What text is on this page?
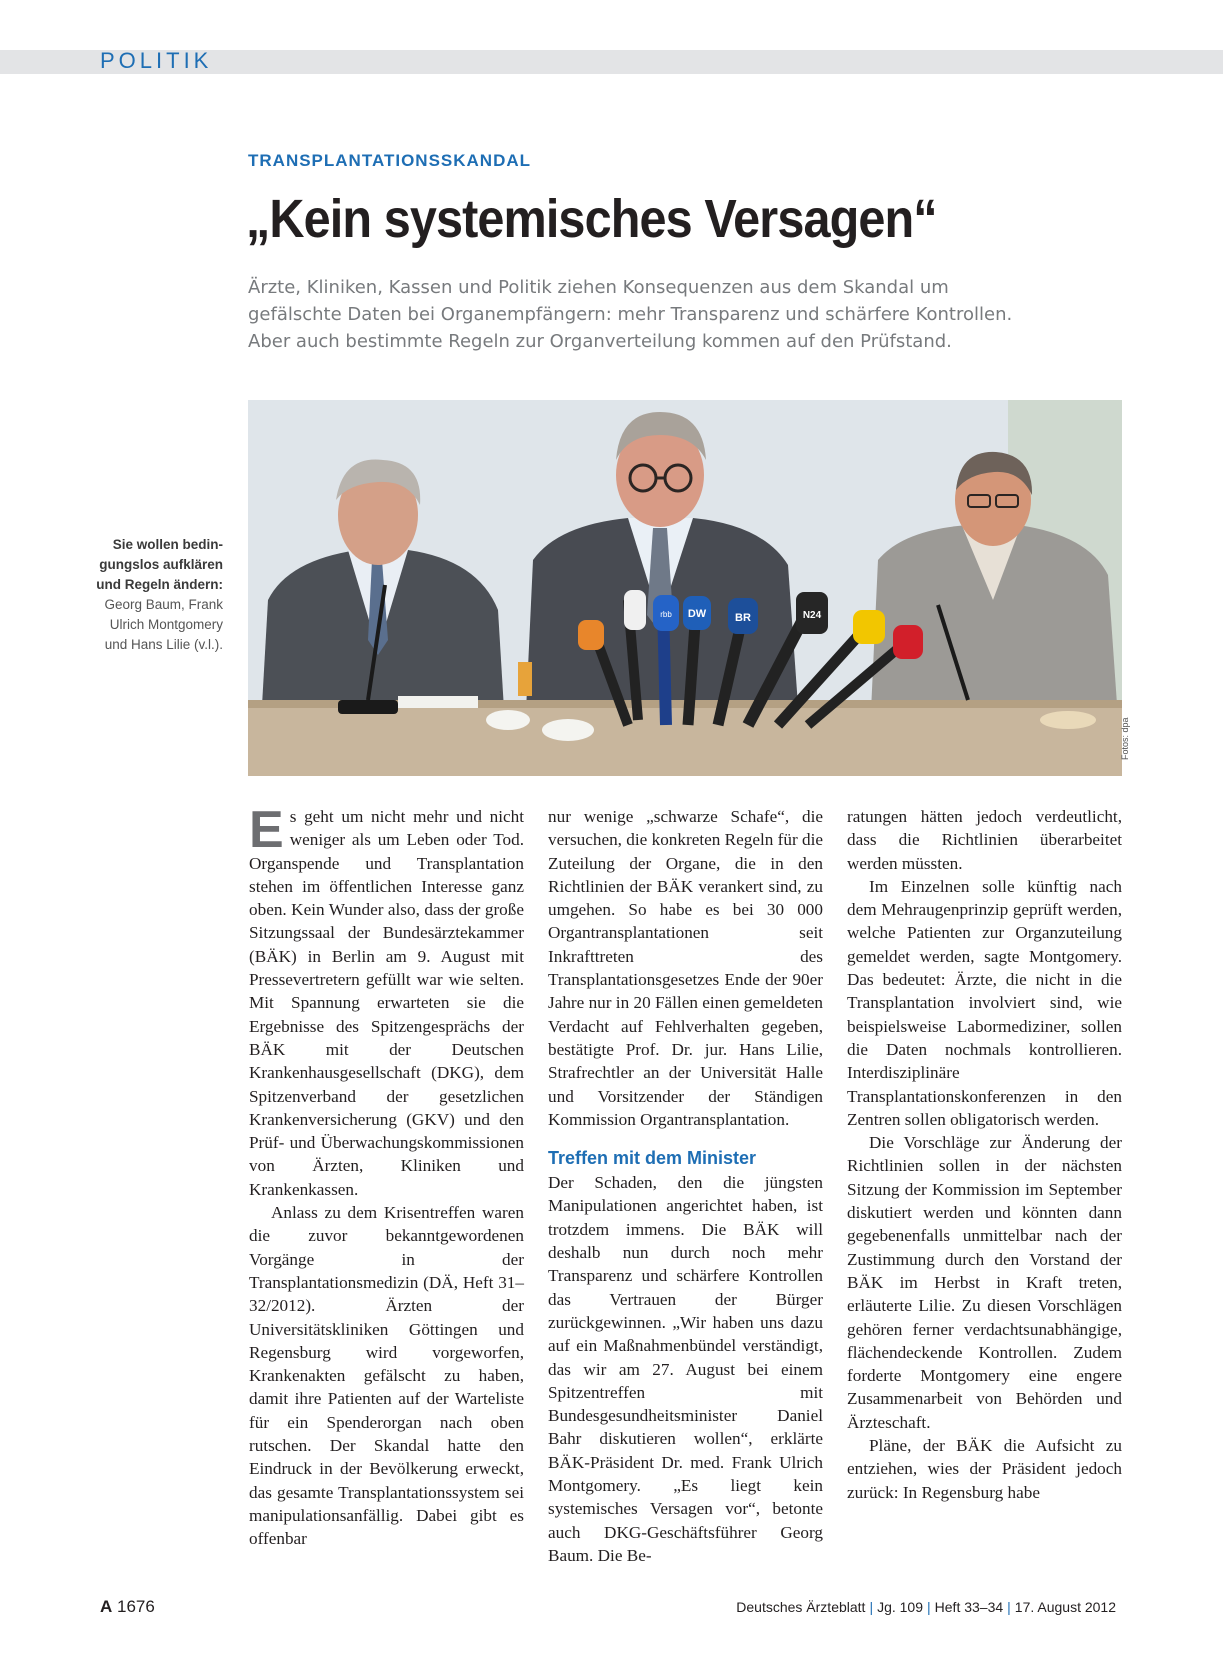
POLITIK
TRANSPLANTATIONSSKANDAL
„Kein systemisches Versagen“

Ärzte, Kliniken, Kassen und Politik ziehen Konsequenzen aus dem Skandal um
gefälschte Daten bei Organempfängern: mehr Transparenz und schärfere Kontrollen.
Aber auch bestimmte Regeln zur Organverteilung kommen auf den Prüfstand.

Sie wollen bedin-
gungslos aufklären
und Regeln ändern:
Georg Baum, Frank
Ulrich Montgomery
und Hans Lilie (v.l.).
rbb DW	BR	N24
Fotos: dpa

Es geht um nicht mehr und nicht weniger als um Leben oder Tod. Organspende und Transplantation stehen im öffentlichen Interesse ganz oben. Kein Wunder also, dass der große Sitzungssaal der Bundesärztekammer (BÄK) in Berlin am 9. August mit Pressevertretern gefüllt war wie selten. Mit Spannung erwarteten sie die Ergebnisse des Spitzengesprächs der BÄK mit der Deutschen Krankenhausgesellschaft (DKG), dem Spitzenverband der gesetzlichen Krankenversicherung (GKV) und den Prüf- und Überwachungskommissionen von Ärzten, Kliniken und Krankenkassen.

Anlass zu dem Krisentreffen waren die zuvor bekanntgewordenen Vorgänge in der Transplantationsmedizin (DÄ, Heft 31–32/2012). Ärzten der Universitätskliniken Göttingen und Regensburg wird vorgeworfen, Krankenakten gefälscht zu haben, damit ihre Patienten auf der Warteliste für ein Spenderorgan nach oben rutschen. Der Skandal hatte den Eindruck in der Bevölkerung erweckt, das gesamte Transplantationssystem sei manipulationsanfällig. Dabei gibt es offenbar

nur wenige „schwarze Schafe“, die versuchen, die konkreten Regeln für die Zuteilung der Organe, die in den Richtlinien der BÄK verankert sind, zu umgehen. So habe es bei 30 000 Organtransplantationen seit Inkrafttreten des Transplantationsgesetzes Ende der 90er Jahre nur in 20 Fällen einen gemeldeten Verdacht auf Fehlverhalten gegeben, bestätigte Prof. Dr. jur. Hans Lilie, Strafrechtler an der Universität Halle und Vorsitzender der Ständigen Kommission Organtransplantation.

Treffen mit dem Minister

Der Schaden, den die jüngsten Manipulationen angerichtet haben, ist trotzdem immens. Die BÄK will deshalb nun durch noch mehr Transparenz und schärfere Kontrollen das Vertrauen der Bürger zurückgewinnen. „Wir haben uns dazu auf ein Maßnahmenbündel verständigt, das wir am 27. August bei einem Spitzentreffen mit Bundesgesundheitsminister Daniel Bahr diskutieren wollen“, erklärte BÄK-Präsident Dr. med. Frank Ulrich Montgomery. „Es liegt kein systemisches Versagen vor“, betonte auch DKG-Geschäftsführer Georg Baum. Die Be-

ratungen hätten jedoch verdeutlicht, dass die Richtlinien überarbeitet werden müssten.

Im Einzelnen solle künftig nach dem Mehraugenprinzip geprüft werden, welche Patienten zur Organzuteilung gemeldet werden, sagte Montgomery. Das bedeutet: Ärzte, die nicht in die Transplantation involviert sind, wie beispielsweise Labormediziner, sollen die Daten nochmals kontrollieren. Interdisziplinäre Transplantationskonferenzen in den Zentren sollen obligatorisch werden.

Die Vorschläge zur Änderung der Richtlinien sollen in der nächsten Sitzung der Kommission im September diskutiert werden und könnten dann gegebenenfalls unmittelbar nach der Zustimmung durch den Vorstand der BÄK im Herbst in Kraft treten, erläuterte Lilie. Zu diesen Vorschlägen gehören ferner verdachtsunabhängige, flächendeckende Kontrollen. Zudem forderte Montgomery eine engere Zusammenarbeit von Behörden und Ärzteschaft.

Pläne, der BÄK die Aufsicht zu entziehen, wies der Präsident jedoch zurück: In Regensburg habe

A 1676	Deutsches Ärzteblatt | Jg. 109 | Heft 33–34 | 17. August 2012
